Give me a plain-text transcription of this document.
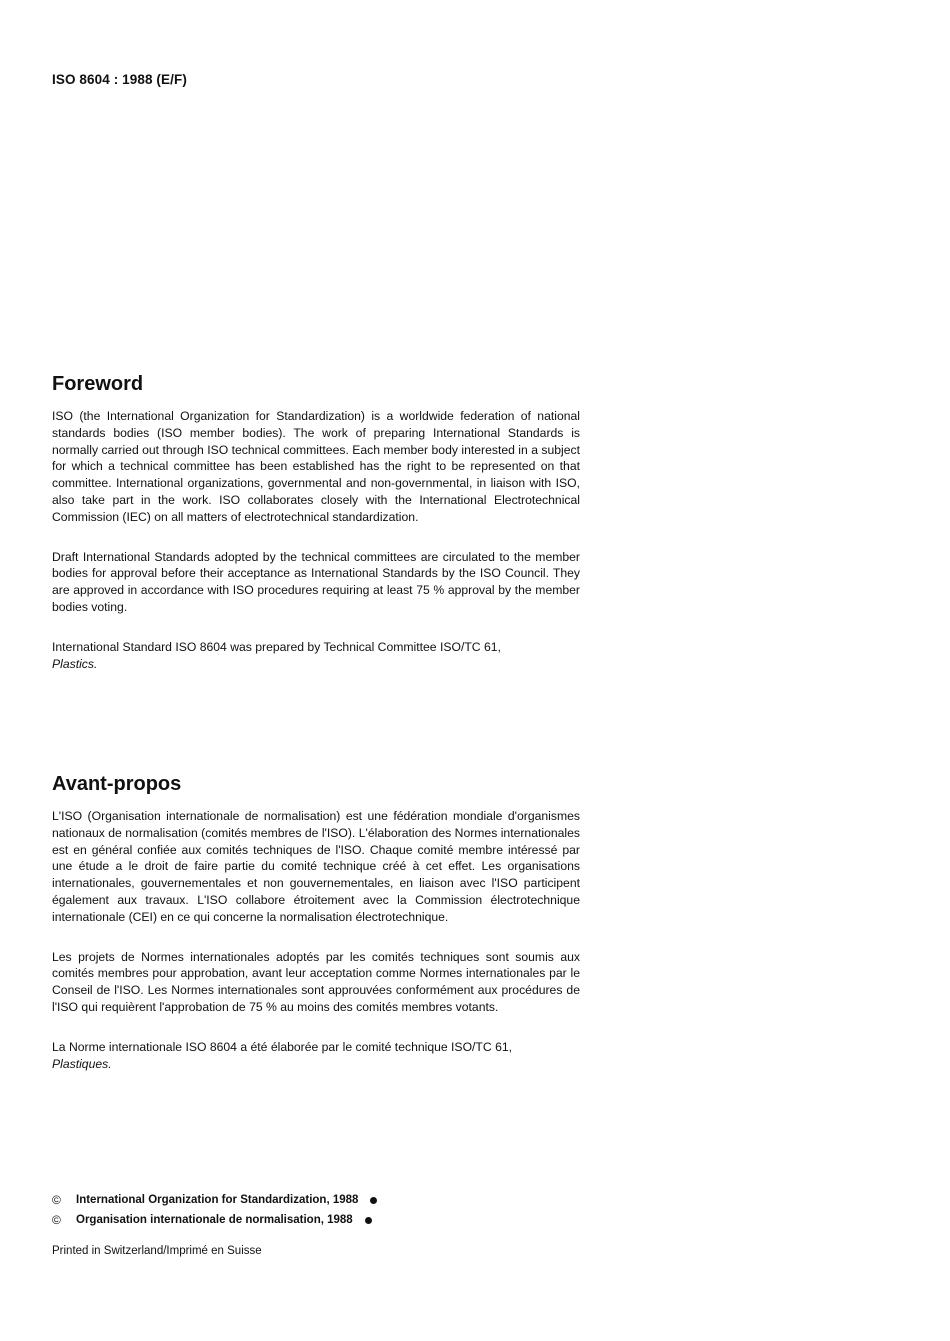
ISO 8604 : 1988 (E/F)
Foreword

ISO (the International Organization for Standardization) is a worldwide federation of national standards bodies (ISO member bodies). The work of preparing International Standards is normally carried out through ISO technical committees. Each member body interested in a subject for which a technical committee has been established has the right to be represented on that committee. International organizations, governmental and non-governmental, in liaison with ISO, also take part in the work. ISO collaborates closely with the International Electrotechnical Commission (IEC) on all matters of electrotechnical standardization.

Draft International Standards adopted by the technical committees are circulated to the member bodies for approval before their acceptance as International Standards by the ISO Council. They are approved in accordance with ISO procedures requiring at least 75 % approval by the member bodies voting.

International Standard ISO 8604 was prepared by Technical Committee ISO/TC 61,
Plastics.

Avant-propos

L'ISO (Organisation internationale de normalisation) est une fédération mondiale d'organismes nationaux de normalisation (comités membres de l'ISO). L'élaboration des Normes internationales est en général confiée aux comités techniques de l'ISO. Chaque comité membre intéressé par une étude a le droit de faire partie du comité technique créé à cet effet. Les organisations internationales, gouvernementales et non gouvernementales, en liaison avec l'ISO participent également aux travaux. L'ISO collabore étroitement avec la Commission électrotechnique internationale (CEI) en ce qui concerne la normalisation électrotechnique.

Les projets de Normes internationales adoptés par les comités techniques sont soumis aux comités membres pour approbation, avant leur acceptation comme Normes internationales par le Conseil de l'ISO. Les Normes internationales sont approuvées conformément aux procédures de l'ISO qui requièrent l'approbation de 75 % au moins des comités membres votants.

La Norme internationale ISO 8604 a été élaborée par le comité technique ISO/TC 61,
Plastiques.

©	International Organization for Standardization, 1988
©	Organisation internationale de normalisation, 1988
Printed in Switzerland/Imprimé en Suisse
